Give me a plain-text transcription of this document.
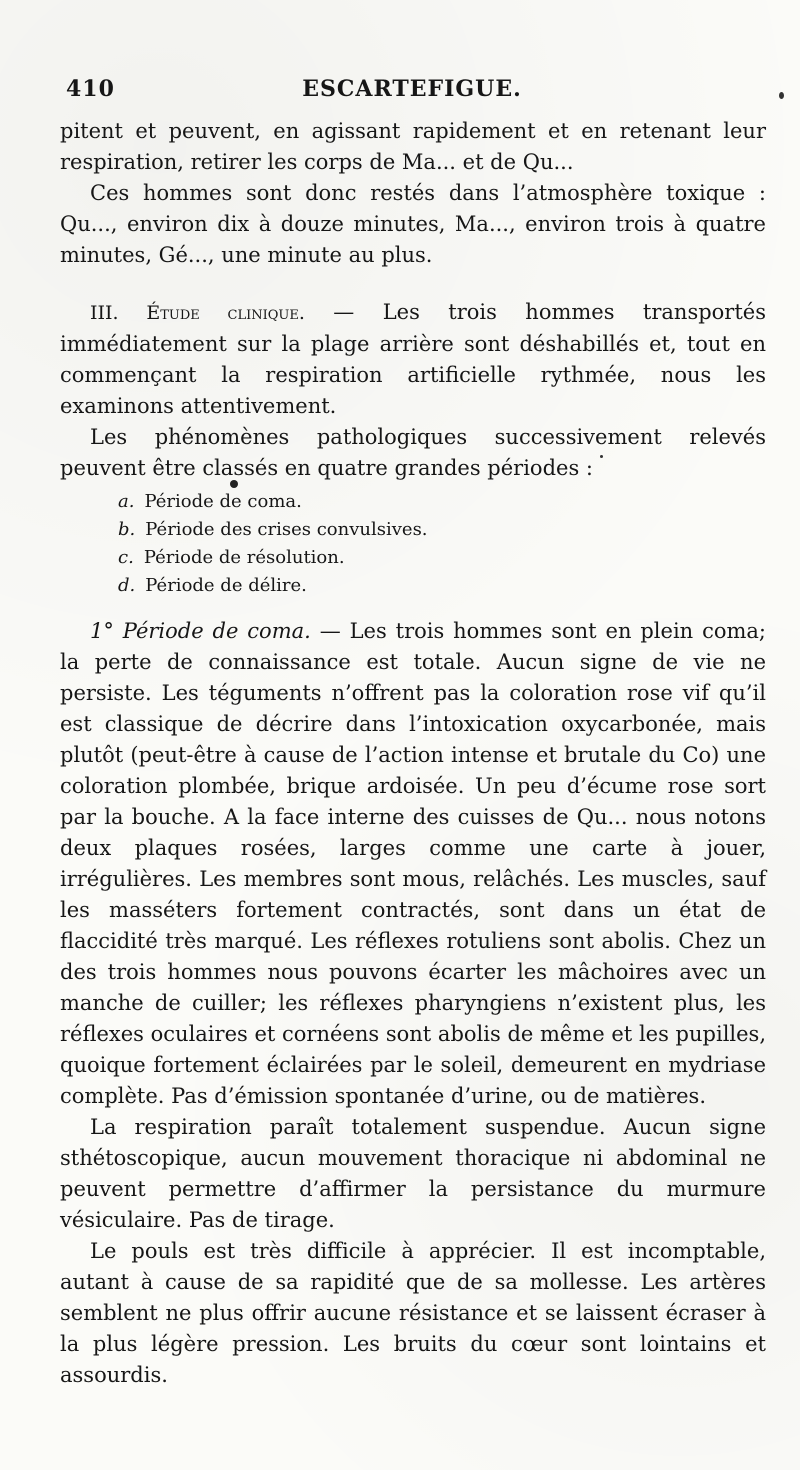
410	ESCARTEFIGUE.

pitent et peuvent, en agissant rapidement et en retenant leur respiration, retirer les corps de Ma... et de Qu...

Ces hommes sont donc restés dans l’atmosphère toxique : Qu..., environ dix à douze minutes, Ma..., environ trois à quatre minutes, Gé..., une minute au plus.

III. Étude clinique. — Les trois hommes transportés immédiatement sur la plage arrière sont déshabillés et, tout en commençant la respiration artificielle rythmée, nous les examinons attentivement.

Les phénomènes pathologiques successivement relevés peuvent être classés en quatre grandes périodes :

a. Période de coma.

b. Période des crises convulsives.

c. Période de résolution.

d. Période de délire.

1° Période de coma. — Les trois hommes sont en plein coma; la perte de connaissance est totale. Aucun signe de vie ne persiste. Les téguments n’offrent pas la coloration rose vif qu’il est classique de décrire dans l’intoxication oxycarbonée, mais plutôt (peut-être à cause de l’action intense et brutale du Co) une coloration plombée, brique ardoisée. Un peu d’écume rose sort par la bouche. A la face interne des cuisses de Qu... nous notons deux plaques rosées, larges comme une carte à jouer, irrégulières. Les membres sont mous, relâchés. Les muscles, sauf les masséters fortement contractés, sont dans un état de flaccidité très marqué. Les réflexes rotuliens sont abolis. Chez un des trois hommes nous pouvons écarter les mâchoires avec un manche de cuiller; les réflexes pharyngiens n’existent plus, les réflexes oculaires et cornéens sont abolis de même et les pupilles, quoique fortement éclairées par le soleil, demeurent en mydriase complète. Pas d’émission spontanée d’urine, ou de matières.

La respiration paraît totalement suspendue. Aucun signe sthétoscopique, aucun mouvement thoracique ni abdominal ne peuvent permettre d’affirmer la persistance du murmure vésiculaire. Pas de tirage.

Le pouls est très difficile à apprécier. Il est incomptable, autant à cause de sa rapidité que de sa mollesse. Les artères semblent ne plus offrir aucune résistance et se laissent écraser à la plus légère pression. Les bruits du cœur sont lointains et assourdis.
